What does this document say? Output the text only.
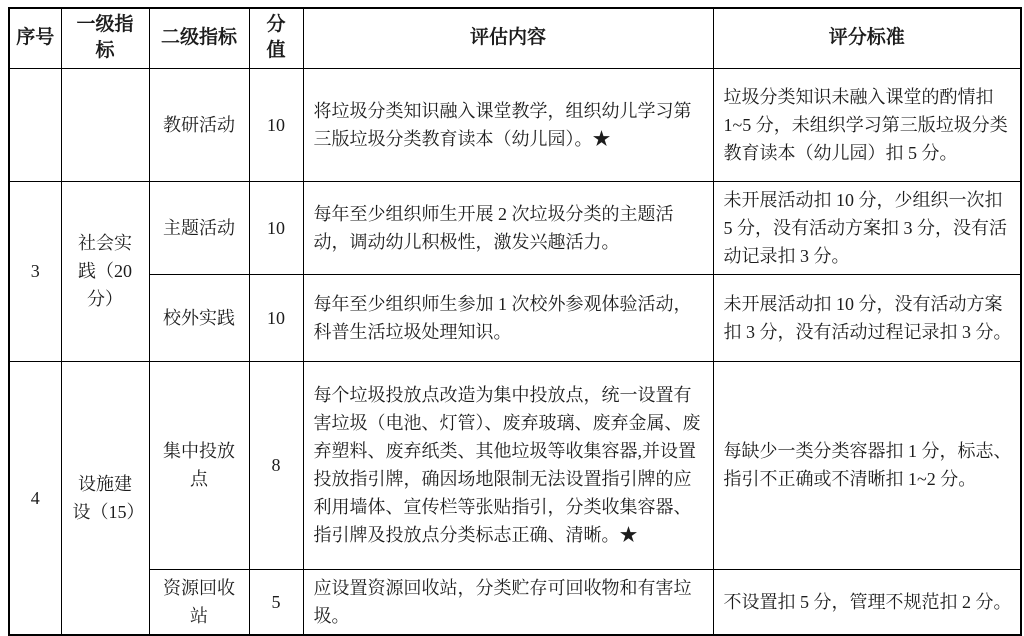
序号	一级指标	二级指标	分值	评估内容	评分标准
		教研活动	10	将垃圾分类知识融入课堂教学，组织幼儿学习第三版垃圾分类教育读本（幼儿园）。★	垃圾分类知识未融入课堂的酌情扣 1~5 分，未组织学习第三版垃圾分类教育读本（幼儿园）扣 5 分。
3	社会实践（20分）	主题活动	10	每年至少组织师生开展 2 次垃圾分类的主题活动，调动幼儿积极性，激发兴趣活力。	未开展活动扣 10 分，少组织一次扣 5 分，没有活动方案扣 3 分，没有活动记录扣 3 分。
		校外实践	10	每年至少组织师生参加 1 次校外参观体验活动，科普生活垃圾处理知识。	未开展活动扣 10 分，没有活动方案扣 3 分，没有活动过程记录扣 3 分。
4	设施建设（15）	集中投放点	8	每个垃圾投放点改造为集中投放点，统一设置有害垃圾（电池、灯管）、废弃玻璃、废弃金属、废弃塑料、废弃纸类、其他垃圾等收集容器,并设置投放指引牌，确因场地限制无法设置指引牌的应利用墙体、宣传栏等张贴指引，分类收集容器、指引牌及投放点分类标志正确、清晰。★	每缺少一类分类容器扣 1 分，标志、指引不正确或不清晰扣 1~2 分。
		资源回收站	5	应设置资源回收站，分类贮存可回收物和有害垃圾。	不设置扣 5 分，管理不规范扣 2 分。
